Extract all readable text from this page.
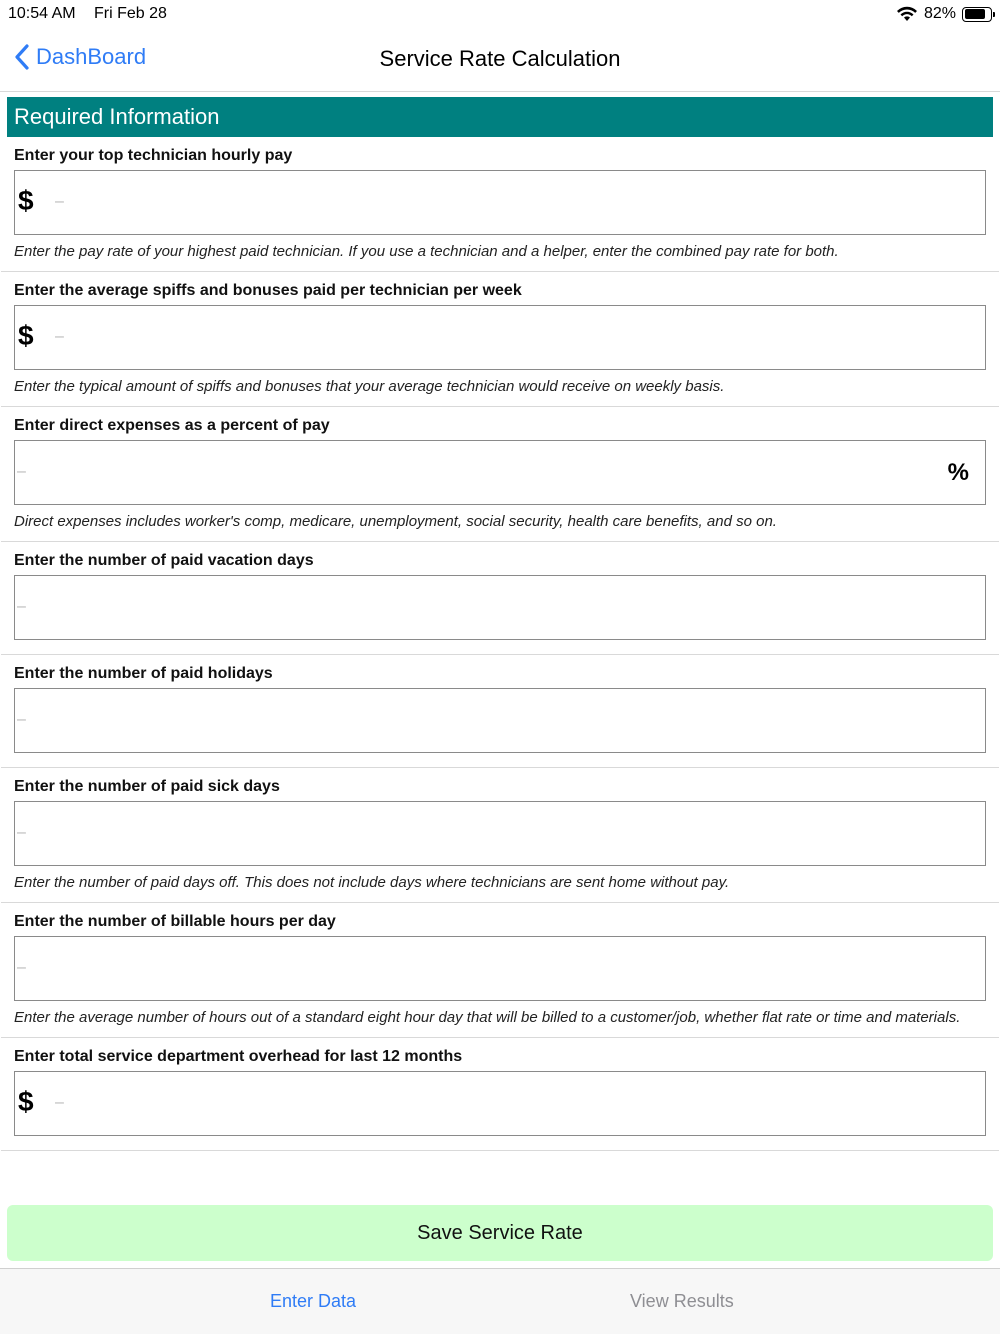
10:54 AM Fri Feb 28	82%
DashBoard	Service Rate Calculation
Required Information
Enter your top technician hourly pay
$ –
Enter the pay rate of your highest paid technician. If you use a technician and a helper, enter the combined pay rate for both.
Enter the average spiffs and bonuses paid per technician per week
$ –
Enter the typical amount of spiffs and bonuses that your average technician would receive on weekly basis.
Enter direct expenses as a percent of pay
–	%
Direct expenses includes worker's comp, medicare, unemployment, social security, health care benefits, and so on.
Enter the number of paid vacation days
–
Enter the number of paid holidays
–
Enter the number of paid sick days
–
Enter the number of paid days off. This does not include days where technicians are sent home without pay.
Enter the number of billable hours per day
–
Enter the average number of hours out of a standard eight hour day that will be billed to a customer/job, whether flat rate or time and materials.
Enter total service department overhead for last 12 months
$ –
Save Service Rate
Enter Data	View Results
